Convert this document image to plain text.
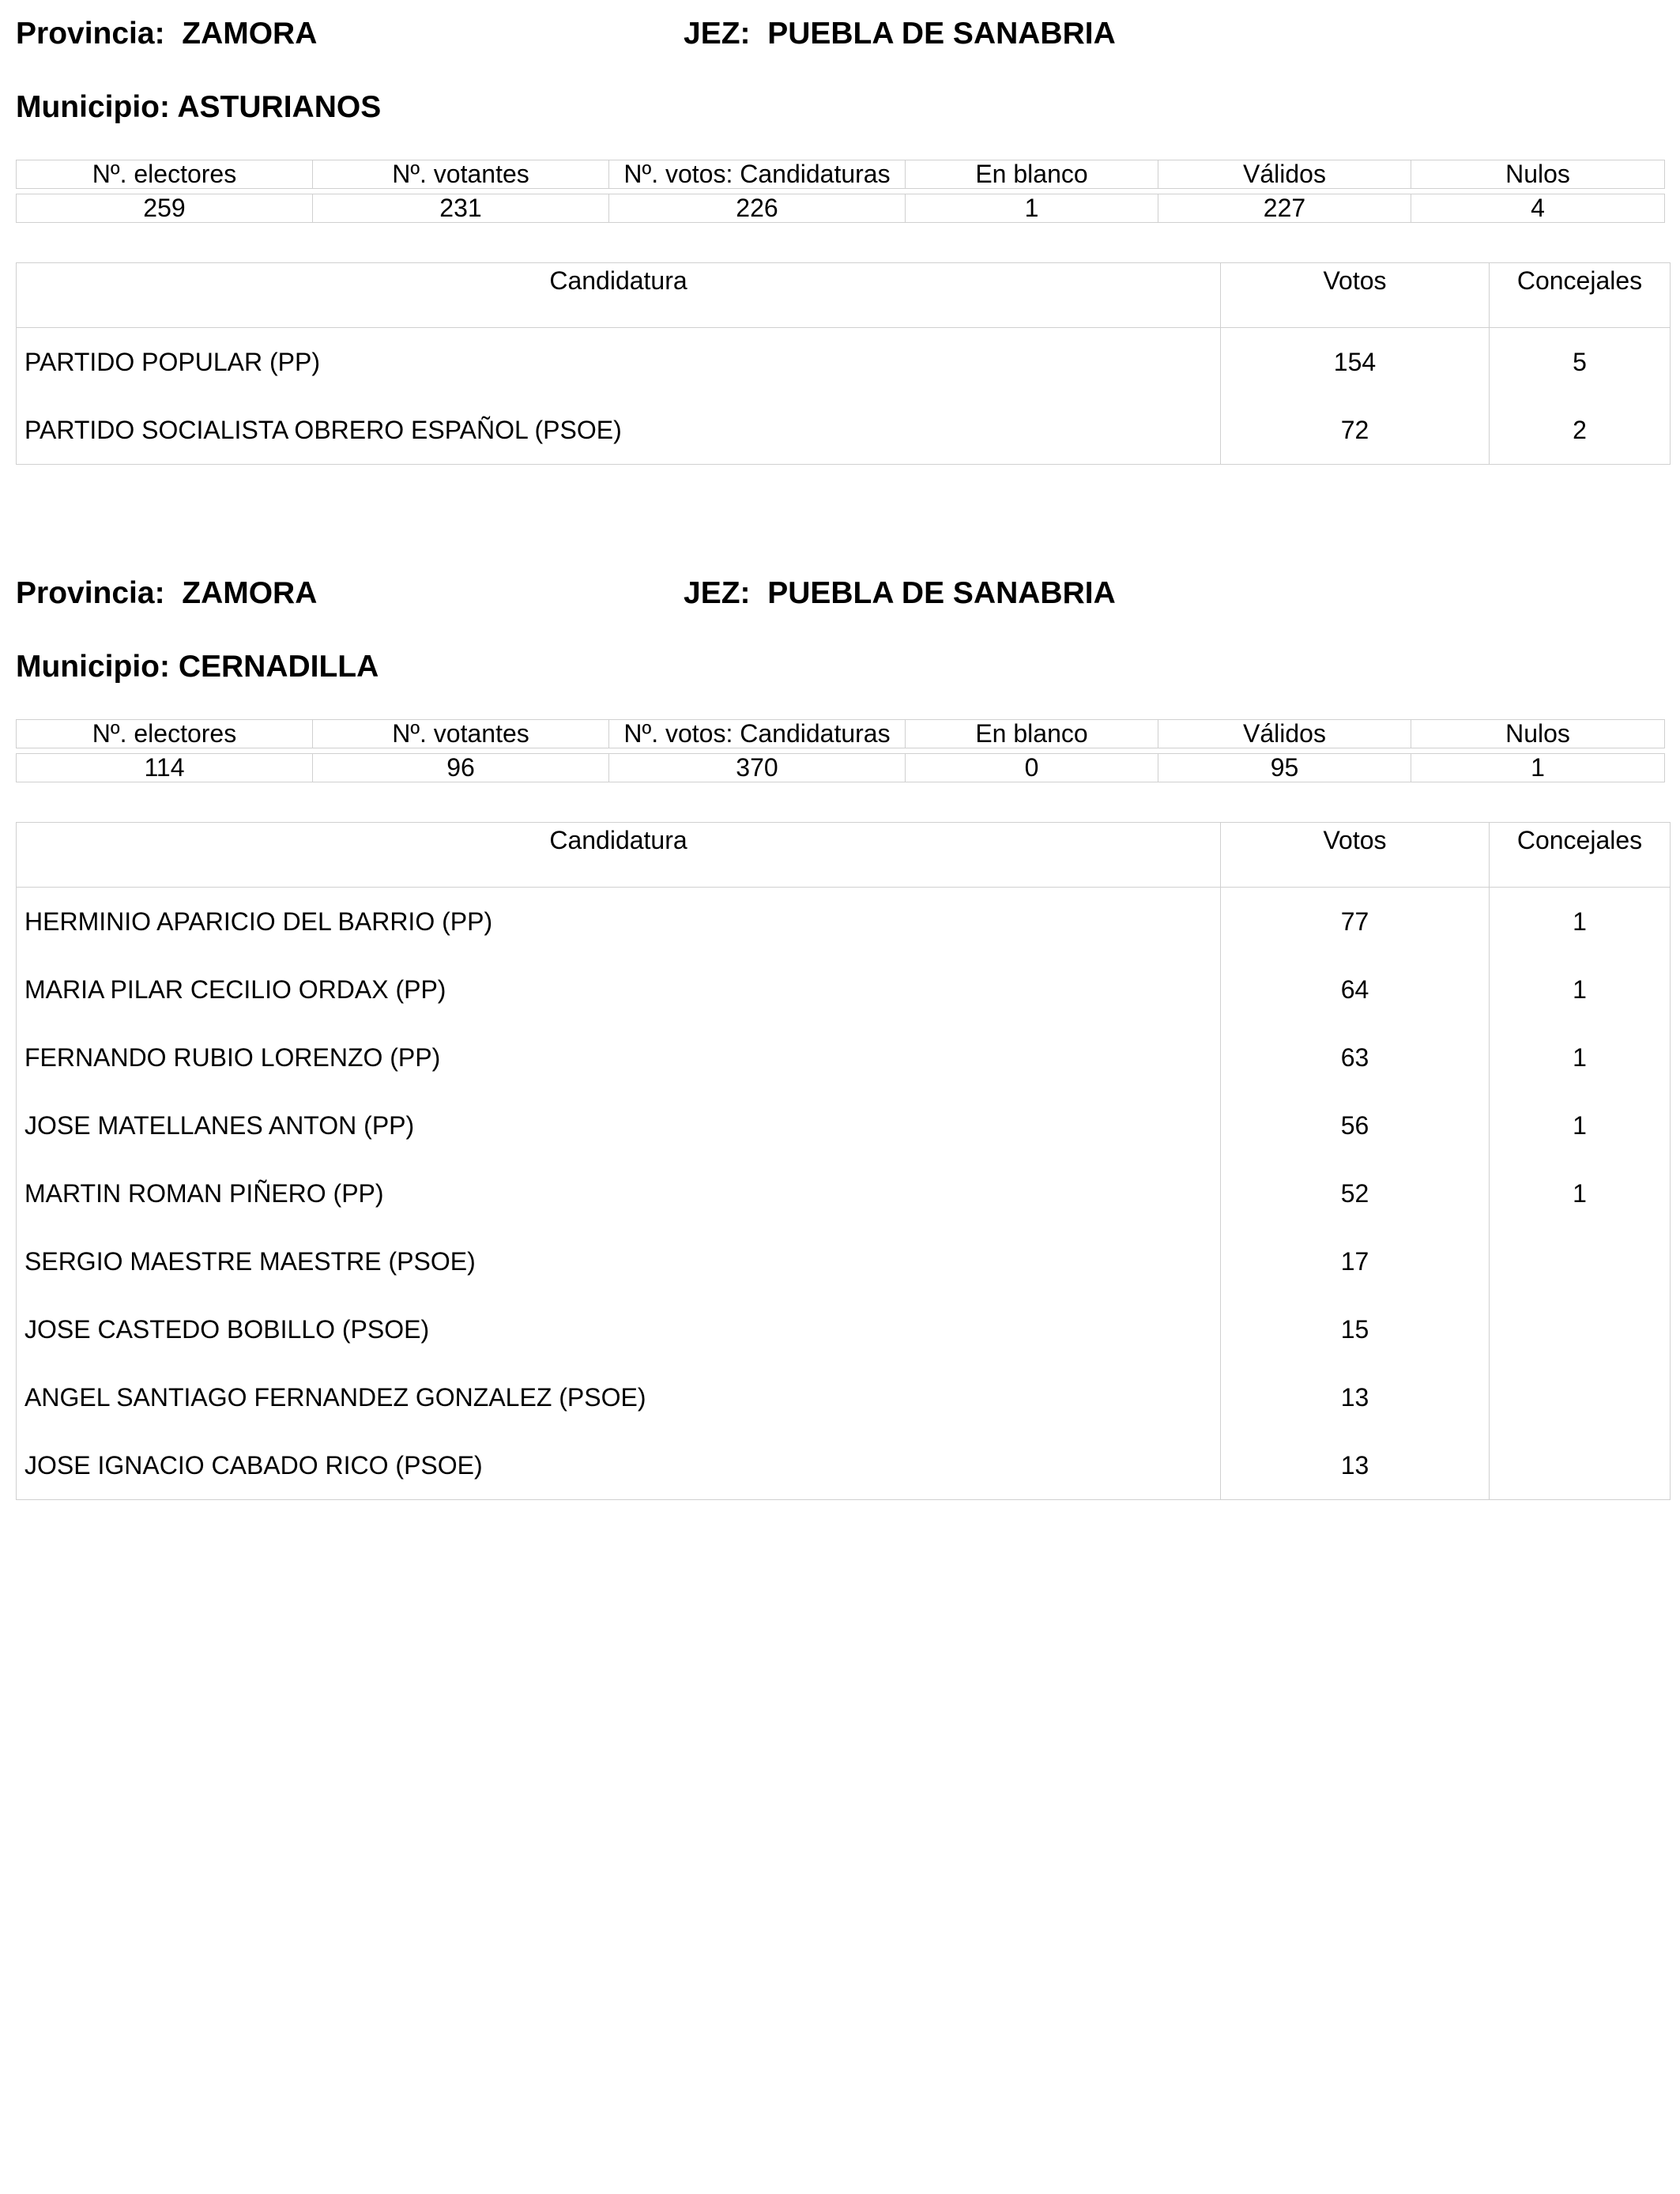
Provincia: ZAMORA	JEZ: PUEBLA DE SANABRIA
Municipio: ASTURIANOS
Nº. electores	Nº. votantes	Nº. votos: Candidaturas	En blanco	Válidos	Nulos

259	231	226	1	227	4
Candidatura	Votos	Concejales
PARTIDO POPULAR (PP)	154	5
PARTIDO SOCIALISTA OBRERO ESPAÑOL (PSOE)	72	2
Provincia: ZAMORA	JEZ: PUEBLA DE SANABRIA
Municipio: CERNADILLA
Nº. electores	Nº. votantes	Nº. votos: Candidaturas	En blanco	Válidos	Nulos

114	96	370	0	95	1
Candidatura	Votos	Concejales
HERMINIO APARICIO DEL BARRIO (PP)	77	1
MARIA PILAR CECILIO ORDAX (PP)	64	1
FERNANDO RUBIO LORENZO (PP)	63	1
JOSE MATELLANES ANTON (PP)	56	1
MARTIN ROMAN PIÑERO (PP)	52	1
SERGIO MAESTRE MAESTRE (PSOE)	17	
JOSE CASTEDO BOBILLO (PSOE)	15	
ANGEL SANTIAGO FERNANDEZ GONZALEZ (PSOE)	13	
JOSE IGNACIO CABADO RICO (PSOE)	13	
